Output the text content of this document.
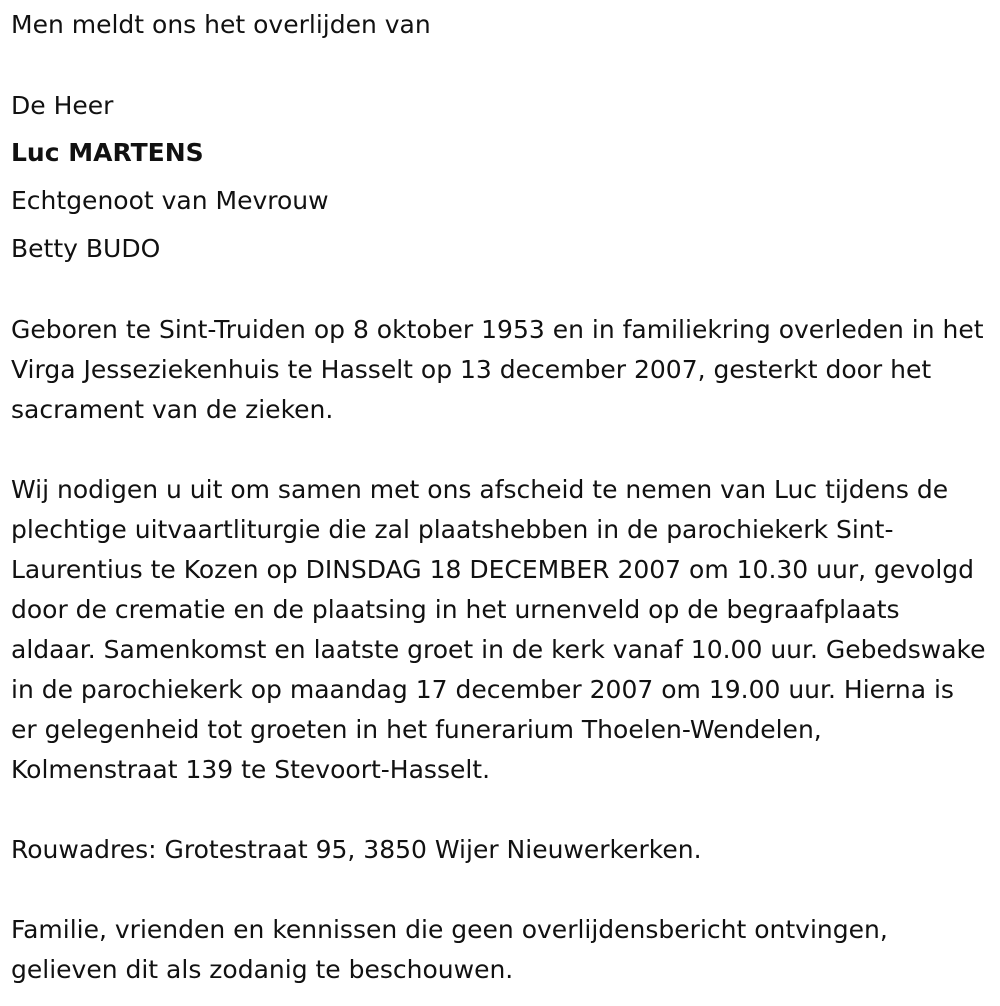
Men meldt ons het overlijden van
De Heer
Luc MARTENS
Echtgenoot van Mevrouw
Betty BUDO
Geboren te Sint-Truiden op 8 oktober 1953 en in familiekring overleden in het Virga Jesseziekenhuis te Hasselt op 13 december 2007, gesterkt door het sacrament van de zieken.
Wij nodigen u uit om samen met ons afscheid te nemen van Luc tijdens de plechtige uitvaartliturgie die zal plaatshebben in de parochiekerk Sint-Laurentius te Kozen op DINSDAG 18 DECEMBER 2007 om 10.30 uur, gevolgd door de crematie en de plaatsing in het urnenveld op de begraafplaats aldaar. Samenkomst en laatste groet in de kerk vanaf 10.00 uur. Gebedswake in de parochiekerk op maandag 17 december 2007 om 19.00 uur. Hierna is er gelegenheid tot groeten in het funerarium Thoelen-Wendelen, Kolmenstraat 139 te Stevoort-Hasselt.
Rouwadres: Grotestraat 95, 3850 Wijer Nieuwerkerken.
Familie, vrienden en kennissen die geen overlijdensbericht ontvingen, gelieven dit als zodanig te beschouwen.
